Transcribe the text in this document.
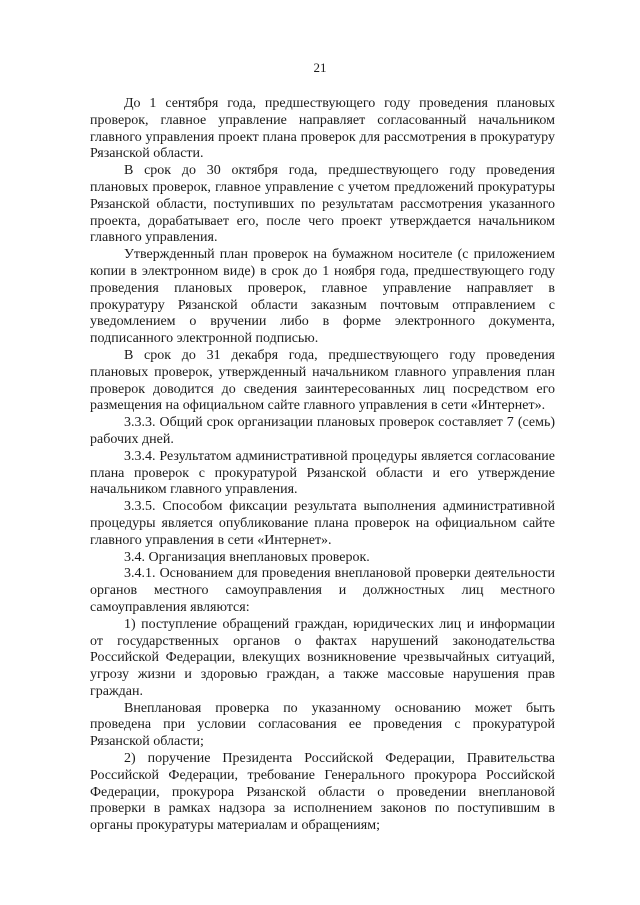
21

До 1 сентября года, предшествующего году проведения плановых проверок, главное управление направляет согласованный начальником главного управления проект плана проверок для рассмотрения в прокуратуру Рязанской области.

В срок до 30 октября года, предшествующего году проведения плановых проверок, главное управление с учетом предложений прокуратуры Рязанской области, поступивших по результатам рассмотрения указанного проекта, дорабатывает его, после чего проект утверждается начальником главного управления.

Утвержденный план проверок на бумажном носителе (с приложением копии в электронном виде) в срок до 1 ноября года, предшествующего году проведения плановых проверок, главное управление направляет в прокуратуру Рязанской области заказным почтовым отправлением с уведомлением о вручении либо в форме электронного документа, подписанного электронной подписью.

В срок до 31 декабря года, предшествующего году проведения плановых проверок, утвержденный начальником главного управления план проверок доводится до сведения заинтересованных лиц посредством его размещения на официальном сайте главного управления в сети «Интернет».

3.3.3. Общий срок организации плановых проверок составляет 7 (семь) рабочих дней.

3.3.4. Результатом административной процедуры является согласование плана проверок с прокуратурой Рязанской области и его утверждение начальником главного управления.

3.3.5. Способом фиксации результата выполнения административной процедуры является опубликование плана проверок на официальном сайте главного управления в сети «Интернет».

3.4. Организация внеплановых проверок.

3.4.1. Основанием для проведения внеплановой проверки деятельности органов местного самоуправления и должностных лиц местного самоуправления являются:

1) поступление обращений граждан, юридических лиц и информации от государственных органов о фактах нарушений законодательства Российской Федерации, влекущих возникновение чрезвычайных ситуаций, угрозу жизни и здоровью граждан, а также массовые нарушения прав граждан.

Внеплановая проверка по указанному основанию может быть проведена при условии согласования ее проведения с прокуратурой Рязанской области;

2) поручение Президента Российской Федерации, Правительства Российской Федерации, требование Генерального прокурора Российской Федерации, прокурора Рязанской области о проведении внеплановой проверки в рамках надзора за исполнением законов по поступившим в органы прокуратуры материалам и обращениям;
